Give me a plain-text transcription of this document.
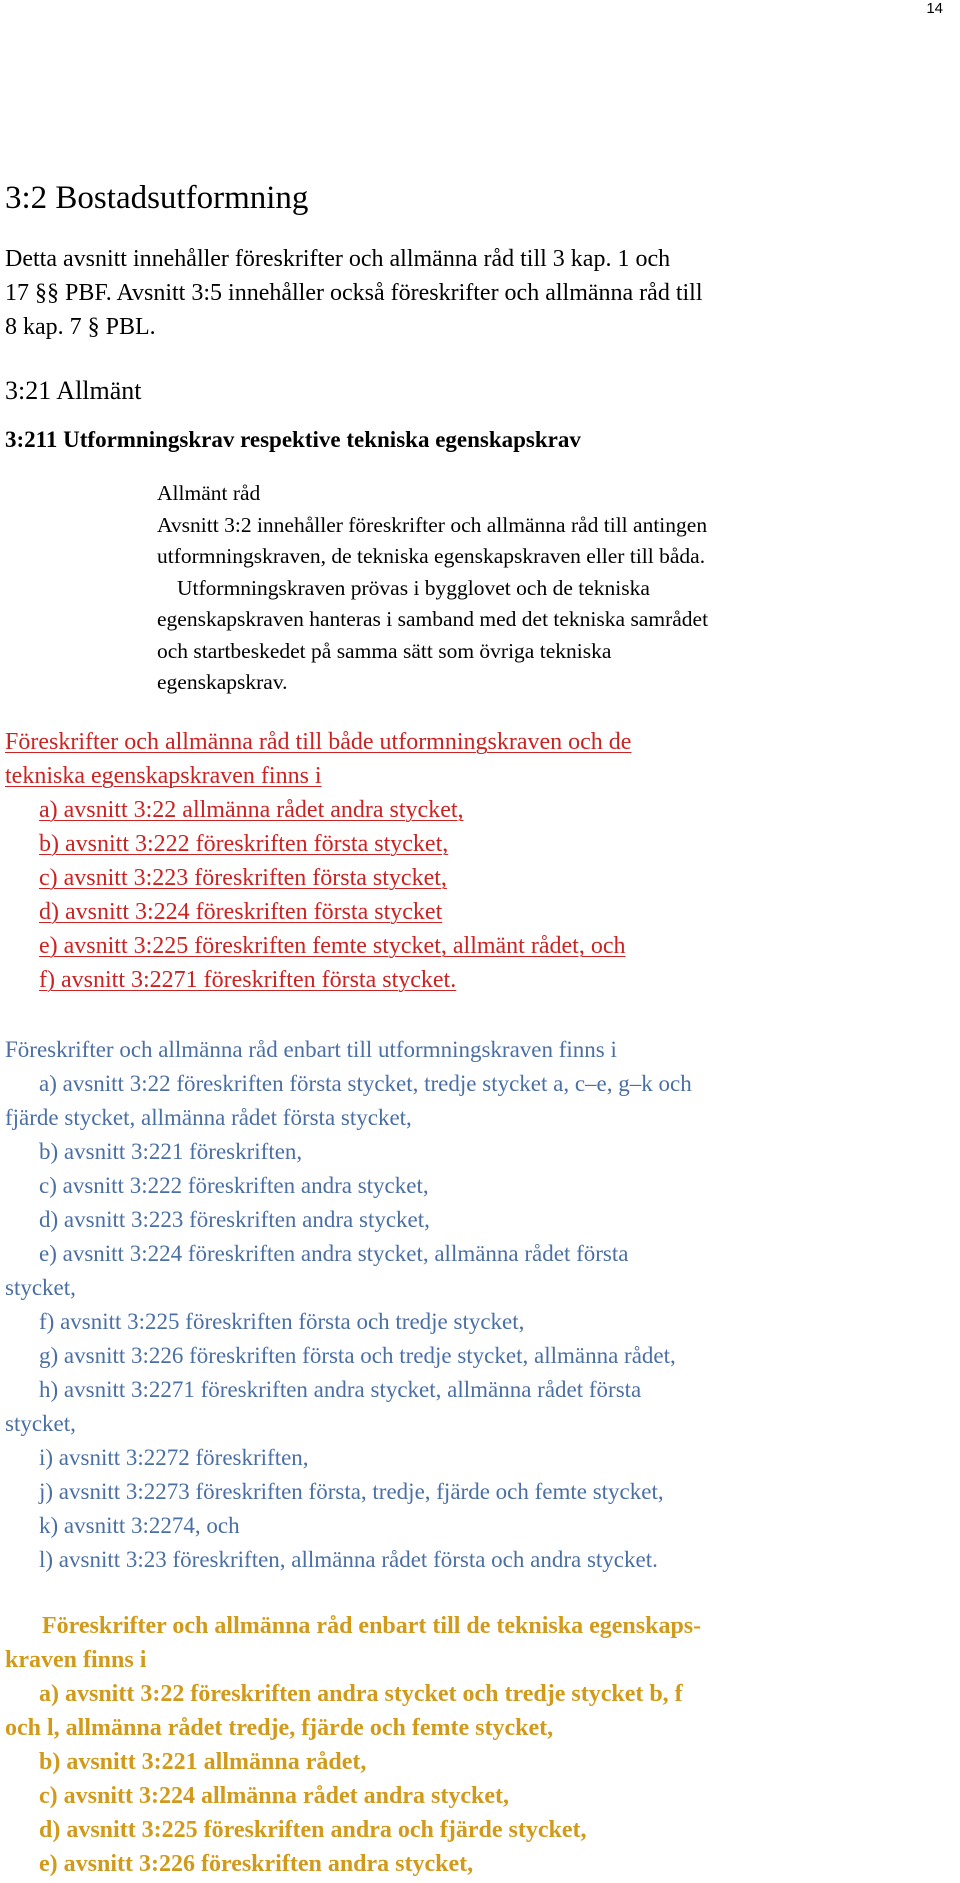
14
3:2 Bostadsutformning
Detta avsnitt innehåller föreskrifter och allmänna råd till 3 kap. 1 och
17 §§ PBF. Avsnitt 3:5 innehåller också föreskrifter och allmänna råd till
8 kap. 7 § PBL.
3:21 Allmänt
3:211 Utformningskrav respektive tekniska egenskapskrav
Allmänt råd
Avsnitt 3:2 innehåller föreskrifter och allmänna råd till antingen
utformningskraven, de tekniska egenskapskraven eller till båda.
Utformningskraven prövas i bygglovet och de tekniska
egenskapskraven hanteras i samband med det tekniska samrådet
och startbeskedet på samma sätt som övriga tekniska
egenskapskrav.
Föreskrifter och allmänna råd till både utformningskraven och de
tekniska egenskapskraven finns i
a) avsnitt 3:22 allmänna rådet andra stycket,
b) avsnitt 3:222 föreskriften första stycket,
c) avsnitt 3:223 föreskriften första stycket,
d) avsnitt 3:224 föreskriften första stycket
e) avsnitt 3:225 föreskriften femte stycket, allmänt rådet, och
f) avsnitt 3:2271 föreskriften första stycket.
Föreskrifter och allmänna råd enbart till utformningskraven finns i
a) avsnitt 3:22 föreskriften första stycket, tredje stycket a, c–e, g–k och
fjärde stycket, allmänna rådet första stycket,
b) avsnitt 3:221 föreskriften,
c) avsnitt 3:222 föreskriften andra stycket,
d) avsnitt 3:223 föreskriften andra stycket,
e) avsnitt 3:224 föreskriften andra stycket, allmänna rådet första
stycket,
f) avsnitt 3:225 föreskriften första och tredje stycket,
g) avsnitt 3:226 föreskriften första och tredje stycket, allmänna rådet,
h) avsnitt 3:2271 föreskriften andra stycket, allmänna rådet första
stycket,
i) avsnitt 3:2272 föreskriften,
j) avsnitt 3:2273 föreskriften första, tredje, fjärde och femte stycket,
k) avsnitt 3:2274, och
l) avsnitt 3:23 föreskriften, allmänna rådet första och andra stycket.
Föreskrifter och allmänna råd enbart till de tekniska egenskaps-
kraven finns i
a) avsnitt 3:22 föreskriften andra stycket och tredje stycket b, f
och l, allmänna rådet tredje, fjärde och femte stycket,
b) avsnitt 3:221 allmänna rådet,
c) avsnitt 3:224 allmänna rådet andra stycket,
d) avsnitt 3:225 föreskriften andra och fjärde stycket,
e) avsnitt 3:226 föreskriften andra stycket,
